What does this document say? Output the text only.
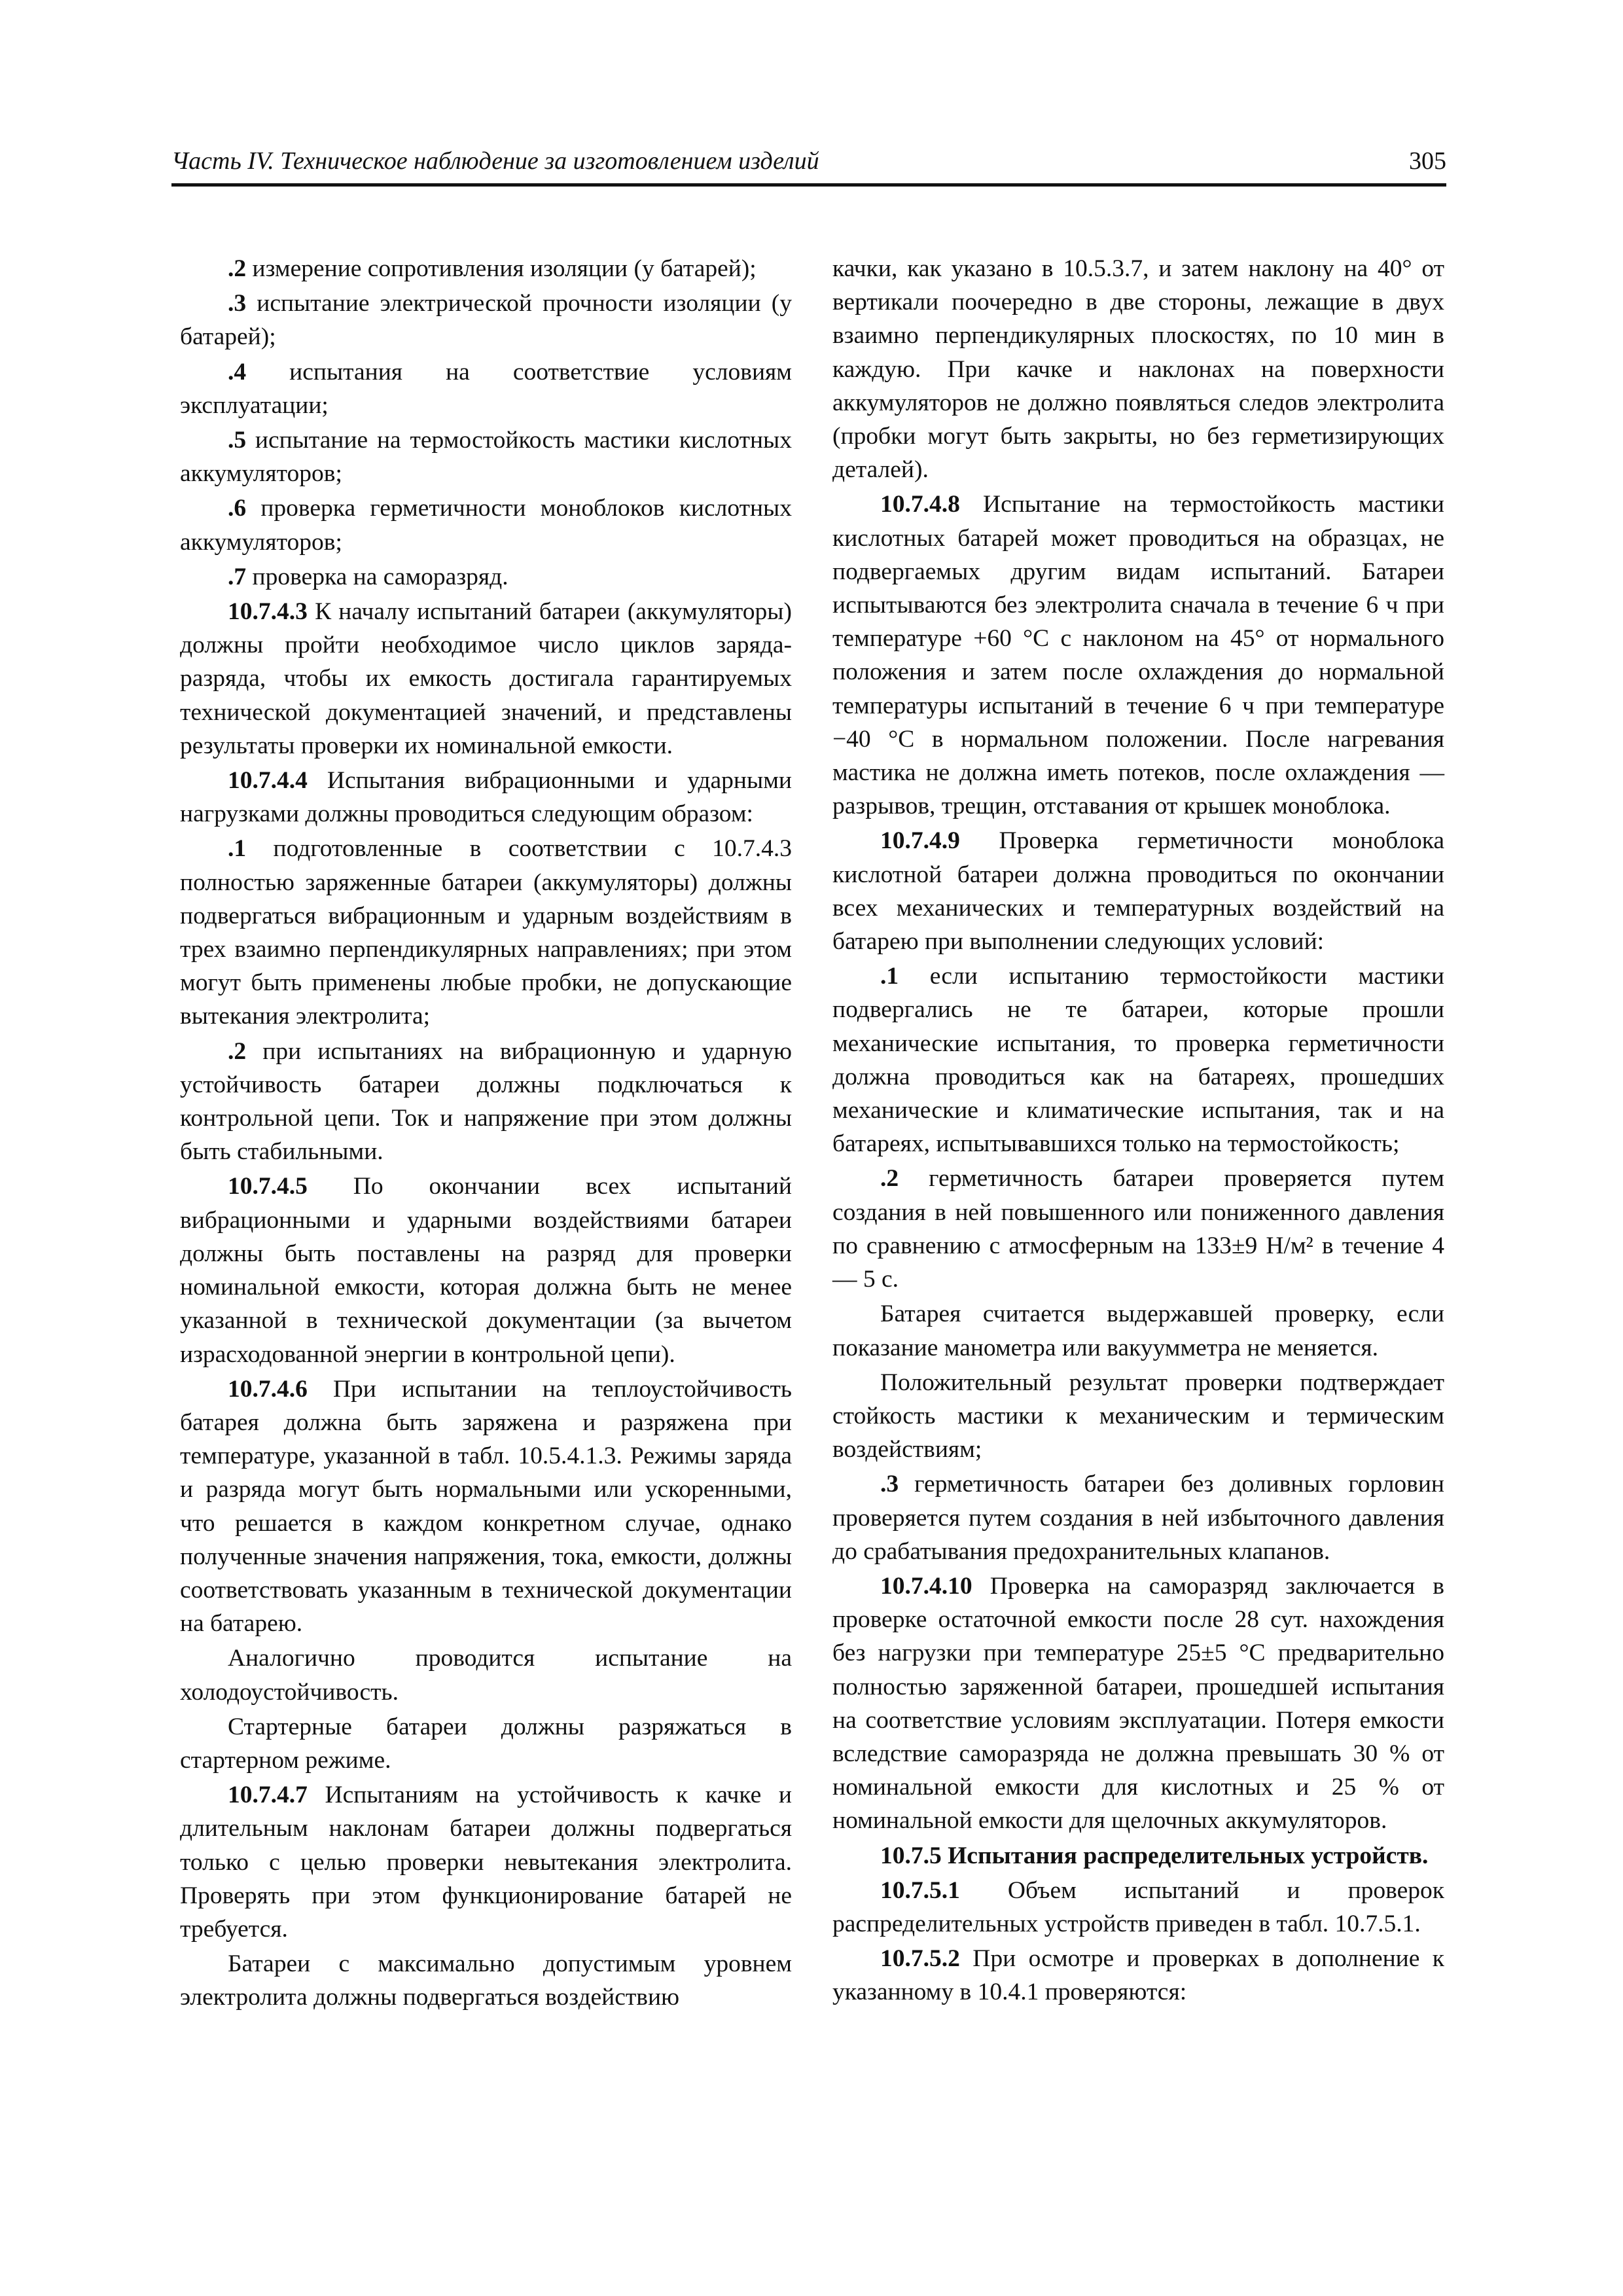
Часть IV. Техническое наблюдение за изготовлением изделий	305

.2 измерение сопротивления изоляции (у батарей);

.3 испытание электрической прочности изоляции (у батарей);

.4 испытания на соответствие условиям эксплуатации;

.5 испытание на термостойкость мастики кислотных аккумуляторов;

.6 проверка герметичности моноблоков кислотных аккумуляторов;

.7 проверка на саморазряд.

10.7.4.3 К началу испытаний батареи (аккумуляторы) должны пройти необходимое число циклов заряда-разряда, чтобы их емкость достигала гарантируемых технической документацией значений, и представлены результаты проверки их номинальной емкости.

10.7.4.4 Испытания вибрационными и ударными нагрузками должны проводиться следующим образом:

.1 подготовленные в соответствии с 10.7.4.3 полностью заряженные батареи (аккумуляторы) должны подвергаться вибрационным и ударным воздействиям в трех взаимно перпендикулярных направлениях; при этом могут быть применены любые пробки, не допускающие вытекания электролита;

.2 при испытаниях на вибрационную и ударную устойчивость батареи должны подключаться к контрольной цепи. Ток и напряжение при этом должны быть стабильными.

10.7.4.5 По окончании всех испытаний вибрационными и ударными воздействиями батареи должны быть поставлены на разряд для проверки номинальной емкости, которая должна быть не менее указанной в технической документации (за вычетом израсходованной энергии в контрольной цепи).

10.7.4.6 При испытании на теплоустойчивость батарея должна быть заряжена и разряжена при температуре, указанной в табл. 10.5.4.1.3. Режимы заряда и разряда могут быть нормальными или ускоренными, что решается в каждом конкретном случае, однако полученные значения напряжения, тока, емкости, должны соответствовать указанным в технической документации на батарею.

Аналогично проводится испытание на холодоустойчивость.

Стартерные батареи должны разряжаться в стартерном режиме.

10.7.4.7 Испытаниям на устойчивость к качке и длительным наклонам батареи должны подвергаться только с целью проверки невытекания электролита. Проверять при этом функционирование батарей не требуется.

Батареи с максимально допустимым уровнем электролита должны подвергаться воздействию

качки, как указано в 10.5.3.7, и затем наклону на 40° от вертикали поочередно в две стороны, лежащие в двух взаимно перпендикулярных плоскостях, по 10 мин в каждую. При качке и наклонах на поверхности аккумуляторов не должно появляться следов электролита (пробки могут быть закрыты, но без герметизирующих деталей).

10.7.4.8 Испытание на термостойкость мастики кислотных батарей может проводиться на образцах, не подвергаемых другим видам испытаний. Батареи испытываются без электролита сначала в течение 6 ч при температуре +60 °С с наклоном на 45° от нормального положения и затем после охлаждения до нормальной температуры испытаний в течение 6 ч при температуре −40 °С в нормальном положении. После нагревания мастика не должна иметь потеков, после охлаждения — разрывов, трещин, отставания от крышек моноблока.

10.7.4.9 Проверка герметичности моноблока кислотной батареи должна проводиться по окончании всех механических и температурных воздействий на батарею при выполнении следующих условий:

.1 если испытанию термостойкости мастики подвергались не те батареи, которые прошли механические испытания, то проверка герметичности должна проводиться как на батареях, прошедших механические и климатические испытания, так и на батареях, испытывавшихся только на термостойкость;

.2 герметичность батареи проверяется путем создания в ней повышенного или пониженного давления по сравнению с атмосферным на 133±9 Н/м² в течение 4 — 5 с.

Батарея считается выдержавшей проверку, если показание манометра или вакуумметра не меняется.

Положительный результат проверки подтверждает стойкость мастики к механическим и термическим воздействиям;

.3 герметичность батареи без доливных горловин проверяется путем создания в ней избыточного давления до срабатывания предохранительных клапанов.

10.7.4.10 Проверка на саморазряд заключается в проверке остаточной емкости после 28 сут. нахождения без нагрузки при температуре 25±5 °С предварительно полностью заряженной батареи, прошедшей испытания на соответствие условиям эксплуатации. Потеря емкости вследствие саморазряда не должна превышать 30 % от номинальной емкости для кислотных и 25 % от номинальной емкости для щелочных аккумуляторов.

10.7.5 Испытания распределительных устройств.

10.7.5.1 Объем испытаний и проверок распределительных устройств приведен в табл. 10.7.5.1.

10.7.5.2 При осмотре и проверках в дополнение к указанному в 10.4.1 проверяются:
